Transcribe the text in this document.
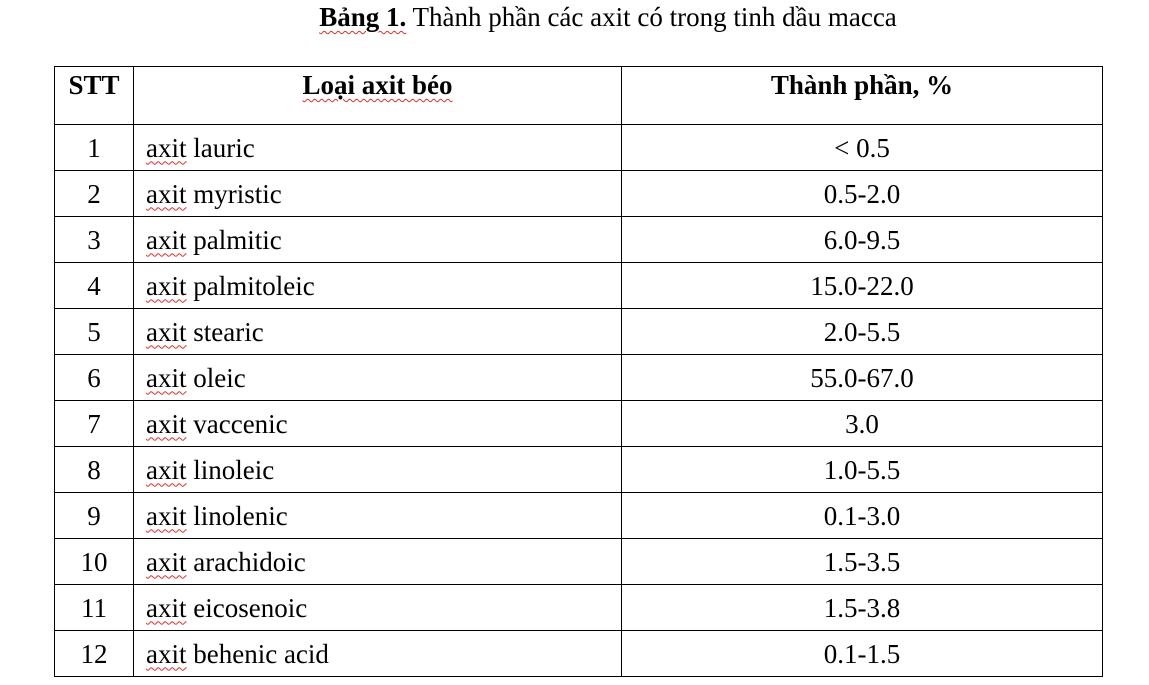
Bảng 1. Thành phần các axit có trong tinh dầu macca
STT	Loại axit béo	Thành phần, %
1	axit lauric	< 0.5
2	axit myristic	0.5-2.0
3	axit palmitic	6.0-9.5
4	axit palmitoleic	15.0-22.0
5	axit stearic	2.0-5.5
6	axit oleic	55.0-67.0
7	axit vaccenic	3.0
8	axit linoleic	1.0-5.5
9	axit linolenic	0.1-3.0
10	axit arachidoic	1.5-3.5
11	axit eicosenoic	1.5-3.8
12	axit behenic acid	0.1-1.5
